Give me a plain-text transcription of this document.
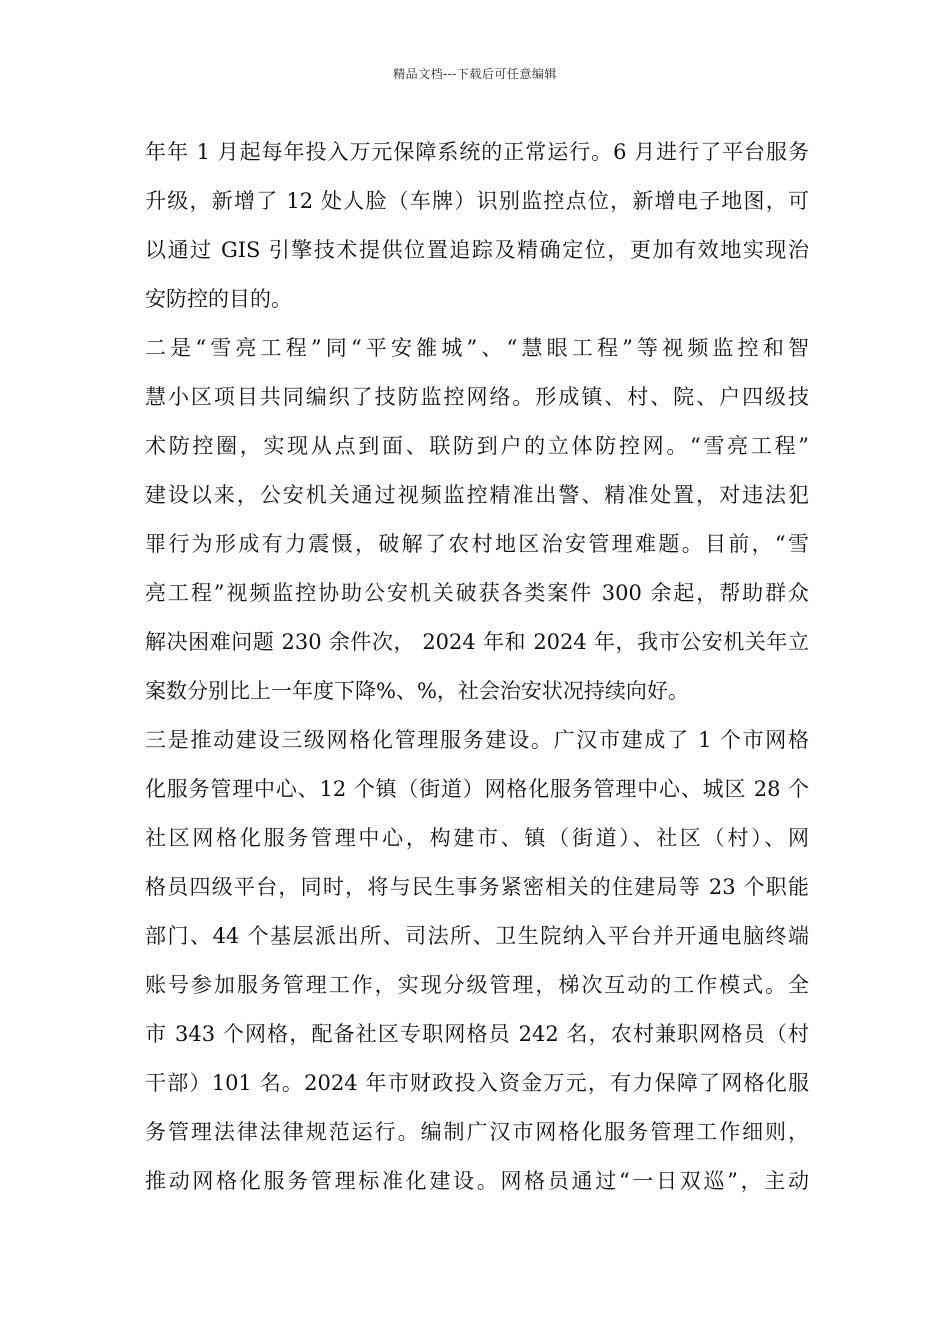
精品文档---下载后可任意编辑
年年 1 月起每年投入万元保障系统的正常运行。6 月进行了平台服务
升级，新增了 12 处人脸（车牌）识别监控点位，新增电子地图，可
以通过 GIS 引擎技术提供位置追踪及精确定位，更加有效地实现治
安防控的目的。
二是“雪亮工程”同“平安雒城”、“慧眼工程”等视频监控和智
慧小区项目共同编织了技防监控网络。形成镇、村、院、户四级技
术防控圈，实现从点到面、联防到户的立体防控网。“雪亮工程”
建设以来，公安机关通过视频监控精准出警、精准处置，对违法犯
罪行为形成有力震慑，破解了农村地区治安管理难题。目前，“雪
亮工程”视频监控协助公安机关破获各类案件 300 余起，帮助群众
解决困难问题 230 余件次， 2024 年和 2024 年，我市公安机关年立
案数分别比上一年度下降%、%，社会治安状况持续向好。
三是推动建设三级网格化管理服务建设。广汉市建成了 1 个市网格
化服务管理中心、12 个镇（街道）网格化服务管理中心、城区 28 个
社区网格化服务管理中心，构建市、镇（街道）、社区（村）、网
格员四级平台，同时，将与民生事务紧密相关的住建局等 23 个职能
部门、44 个基层派出所、司法所、卫生院纳入平台并开通电脑终端
账号参加服务管理工作，实现分级管理，梯次互动的工作模式。全
市 343 个网格，配备社区专职网格员 242 名，农村兼职网格员（村
干部）101 名。2024 年市财政投入资金万元，有力保障了网格化服
务管理法律法律规范运行。编制广汉市网格化服务管理工作细则，
推动网格化服务管理标准化建设。网格员通过“一日双巡”，主动
